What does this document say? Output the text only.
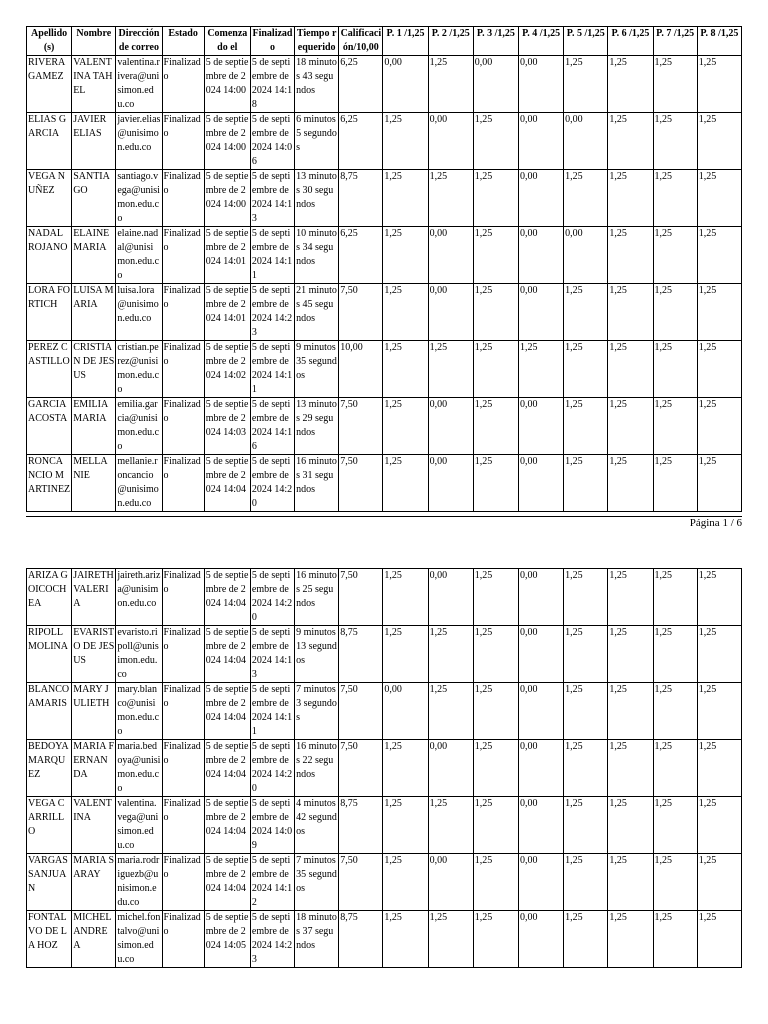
Apellido (s)	Nombre	Dirección de correo	Estado	Comenzado el	Finalizado	Tiempo requerido	Calificación/10,00	P. 1 /1,25	P. 2 /1,25	P. 3 /1,25	P. 4 /1,25	P. 5 /1,25	P. 6 /1,25	P. 7 /1,25	P. 8 /1,25
RIVERA GAMEZ	VALENTINA TAHEL	valentina.rivera@unisimon.edu.co	Finalizado	5 de septiembre de 2024 14:00	5 de septiembre de 2024 14:18	18 minutos 43 segundos	6,25	0,00	1,25	0,00	0,00	1,25	1,25	1,25	1,25
ELIAS GARCIA	JAVIER ELIAS	javier.elias@unisimon.edu.co	Finalizado	5 de septiembre de 2024 14:00	5 de septiembre de 2024 14:06	6 minutos 5 segundos	6,25	1,25	0,00	1,25	0,00	0,00	1,25	1,25	1,25
VEGA NUÑEZ	SANTIAGO	santiago.vega@unisimon.edu.co	Finalizado	5 de septiembre de 2024 14:00	5 de septiembre de 2024 14:13	13 minutos 30 segundos	8,75	1,25	1,25	1,25	0,00	1,25	1,25	1,25	1,25
NADAL ROJANO	ELAINE MARIA	elaine.nadal@unisimon.edu.co	Finalizado	5 de septiembre de 2024 14:01	5 de septiembre de 2024 14:11	10 minutos 34 segundos	6,25	1,25	0,00	1,25	0,00	0,00	1,25	1,25	1,25
LORA FORTICH	LUISA MARIA	luisa.lora@unisimon.edu.co	Finalizado	5 de septiembre de 2024 14:01	5 de septiembre de 2024 14:23	21 minutos 45 segundos	7,50	1,25	0,00	1,25	0,00	1,25	1,25	1,25	1,25
PEREZ CASTILLO	CRISTIAN DE JESUS	cristian.perez@unisimon.edu.co	Finalizado	5 de septiembre de 2024 14:02	5 de septiembre de 2024 14:11	9 minutos 35 segundos	10,00	1,25	1,25	1,25	1,25	1,25	1,25	1,25	1,25
GARCIA ACOSTA	EMILIA MARIA	emilia.garcia@unisimon.edu.co	Finalizado	5 de septiembre de 2024 14:03	5 de septiembre de 2024 14:16	13 minutos 29 segundos	7,50	1,25	0,00	1,25	0,00	1,25	1,25	1,25	1,25
RONCANCIO MARTINEZ	MELLANIE	mellanie.roncancio@unisimon.edu.co	Finalizado	5 de septiembre de 2024 14:04	5 de septiembre de 2024 14:20	16 minutos 31 segundos	7,50	1,25	0,00	1,25	0,00	1,25	1,25	1,25	1,25
Página 1 / 6
ARIZA GOICOCHEA	JAIRETH VALERIA	jaireth.ariza@unisimon.edu.co	Finalizado	5 de septiembre de 2024 14:04	5 de septiembre de 2024 14:20	16 minutos 25 segundos	7,50	1,25	0,00	1,25	0,00	1,25	1,25	1,25	1,25
RIPOLL MOLINA	EVARISTO DE JESUS	evaristo.ripoll@unisimon.edu.co	Finalizado	5 de septiembre de 2024 14:04	5 de septiembre de 2024 14:13	9 minutos 13 segundos	8,75	1,25	1,25	1,25	0,00	1,25	1,25	1,25	1,25
BLANCO AMARIS	MARY JULIETH	mary.blanco@unisimon.edu.co	Finalizado	5 de septiembre de 2024 14:04	5 de septiembre de 2024 14:11	7 minutos 3 segundos	7,50	0,00	1,25	1,25	0,00	1,25	1,25	1,25	1,25
BEDOYA MARQUEZ	MARIA FERNANDA	maria.bedoya@unisimon.edu.co	Finalizado	5 de septiembre de 2024 14:04	5 de septiembre de 2024 14:20	16 minutos 22 segundos	7,50	1,25	0,00	1,25	0,00	1,25	1,25	1,25	1,25
VEGA CARRILLO	VALENTINA	valentina.vega@unisimon.edu.co	Finalizado	5 de septiembre de 2024 14:04	5 de septiembre de 2024 14:09	4 minutos 42 segundos	8,75	1,25	1,25	1,25	0,00	1,25	1,25	1,25	1,25
VARGAS SANJUAN	MARIA SARAY	maria.rodriguezb@unisimon.edu.co	Finalizado	5 de septiembre de 2024 14:04	5 de septiembre de 2024 14:12	7 minutos 35 segundos	7,50	1,25	0,00	1,25	0,00	1,25	1,25	1,25	1,25
FONTALVO DE LA HOZ	MICHEL ANDREA	michel.fontalvo@unisimon.edu.co	Finalizado	5 de septiembre de 2024 14:05	5 de septiembre de 2024 14:23	18 minutos 37 segundos	8,75	1,25	1,25	1,25	0,00	1,25	1,25	1,25	1,25
